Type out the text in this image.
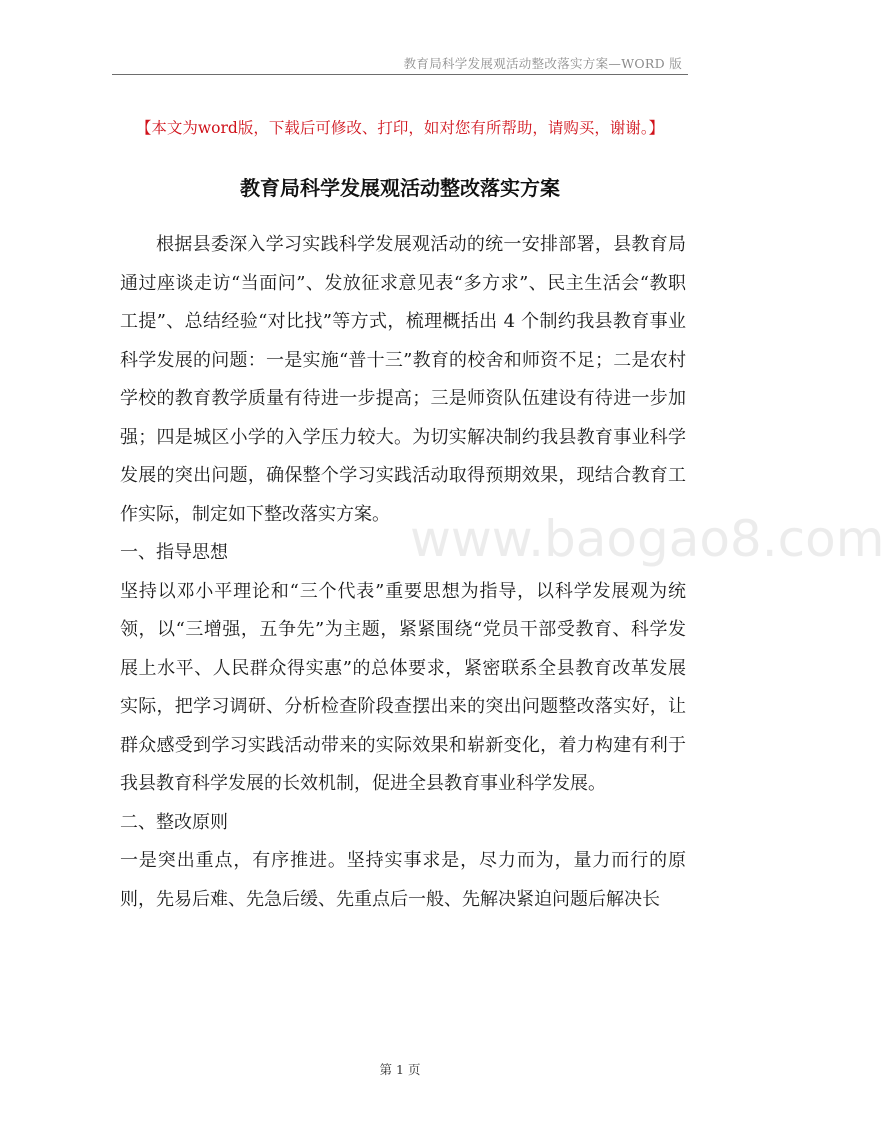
教育局科学发展观活动整改落实方案—WORD 版
【本文为word版，下载后可修改、打印，如对您有所帮助，请购买，谢谢。】
教育局科学发展观活动整改落实方案

根据县委深入学习实践科学发展观活动的统一安排部署，县教育局通过座谈走访“当面问”、发放征求意见表“多方求”、民主生活会“教职工提”、总结经验“对比找”等方式，梳理概括出 4 个制约我县教育事业科学发展的问题：一是实施“普十三”教育的校舍和师资不足；二是农村学校的教育教学质量有待进一步提高；三是师资队伍建设有待进一步加强；四是城区小学的入学压力较大。为切实解决制约我县教育事业科学发展的突出问题，确保整个学习实践活动取得预期效果，现结合教育工作实际，制定如下整改落实方案。

一、指导思想

坚持以邓小平理论和“三个代表”重要思想为指导，以科学发展观为统领，以“三增强，五争先”为主题，紧紧围绕“党员干部受教育、科学发展上水平、人民群众得实惠”的总体要求，紧密联系全县教育改革发展实际，把学习调研、分析检查阶段查摆出来的突出问题整改落实好，让群众感受到学习实践活动带来的实际效果和崭新变化，着力构建有利于我县教育科学发展的长效机制，促进全县教育事业科学发展。

二、整改原则

一是突出重点，有序推进。坚持实事求是，尽力而为，量力而行的原则，先易后难、先急后缓、先重点后一般、先解决紧迫问题后解决长

www.baogao8.com
第 1 页
